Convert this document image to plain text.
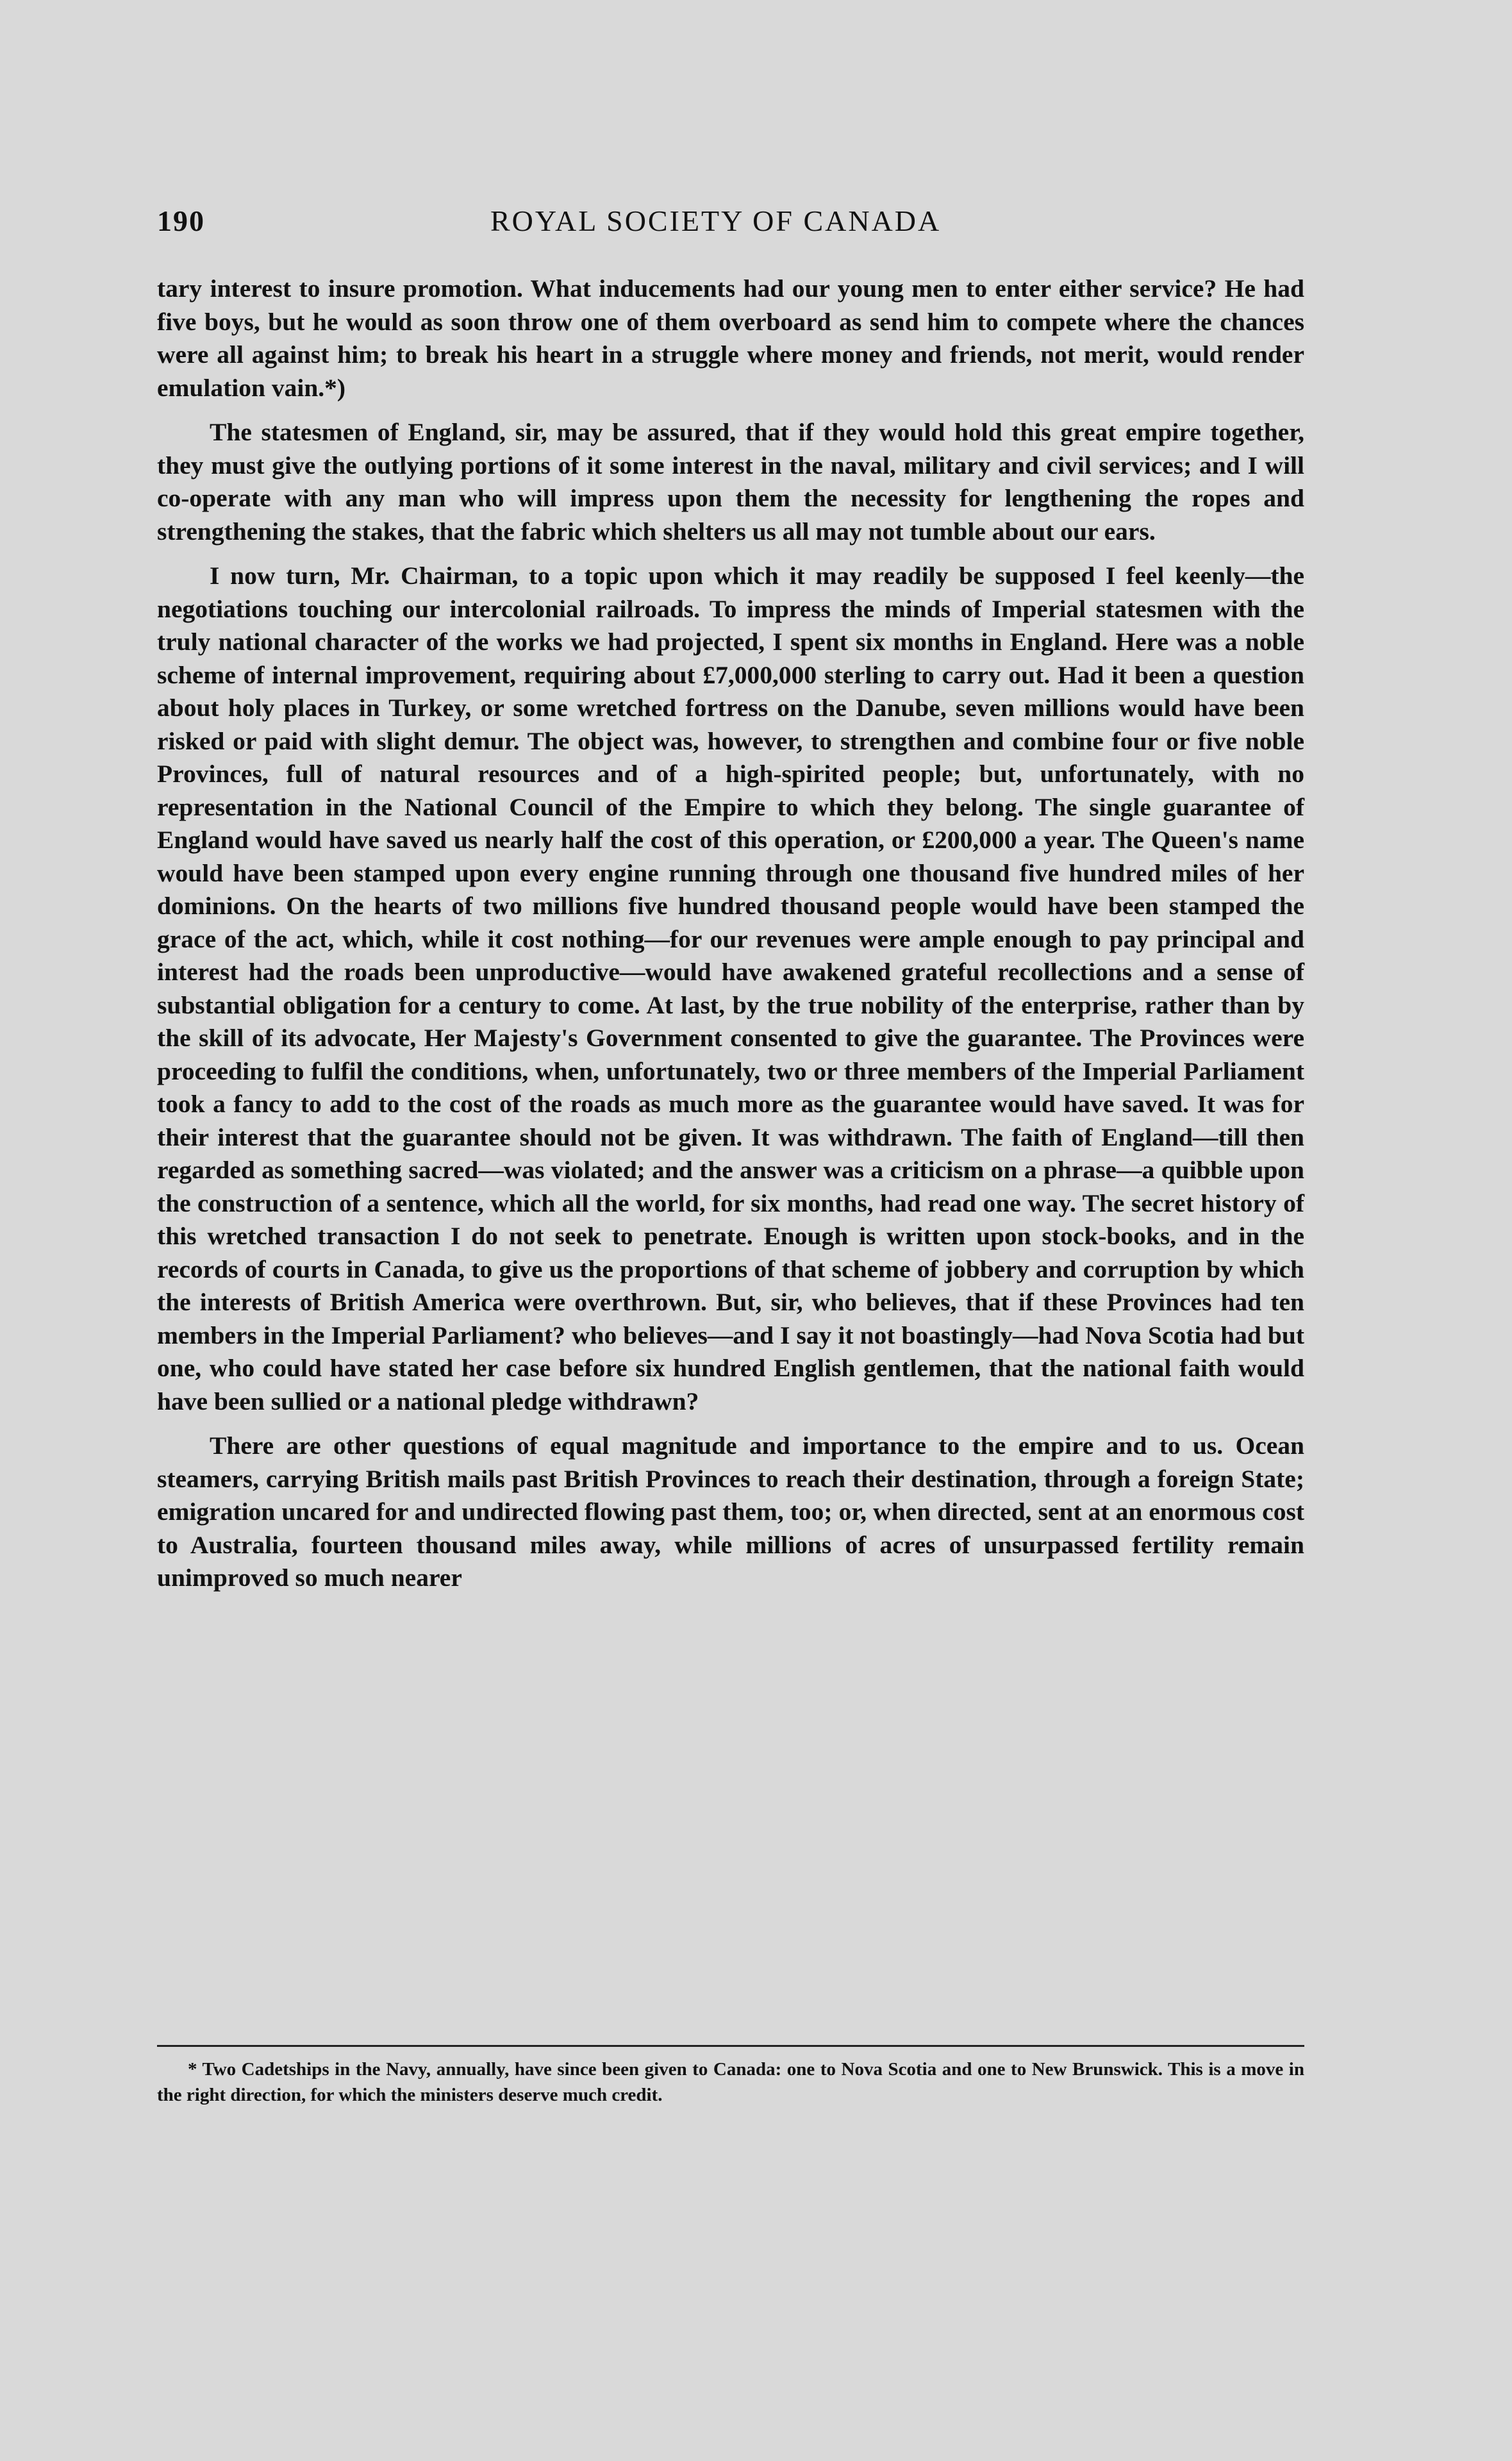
190	ROYAL SOCIETY OF CANADA

tary interest to insure promotion. What inducements had our young men to enter either service? He had five boys, but he would as soon throw one of them overboard as send him to compete where the chances were all against him; to break his heart in a struggle where money and friends, not merit, would render emulation vain.*)

The statesmen of England, sir, may be assured, that if they would hold this great empire together, they must give the outlying portions of it some interest in the naval, military and civil services; and I will co-operate with any man who will impress upon them the necessity for lengthening the ropes and strengthening the stakes, that the fabric which shelters us all may not tumble about our ears.

I now turn, Mr. Chairman, to a topic upon which it may readily be supposed I feel keenly—the negotiations touching our intercolonial railroads. To impress the minds of Imperial statesmen with the truly national character of the works we had projected, I spent six months in England. Here was a noble scheme of internal improvement, requiring about £7,000,000 sterling to carry out. Had it been a question about holy places in Turkey, or some wretched fortress on the Danube, seven millions would have been risked or paid with slight demur. The object was, however, to strengthen and combine four or five noble Provinces, full of natural resources and of a high-spirited people; but, unfortunately, with no representation in the National Council of the Empire to which they belong. The single guarantee of England would have saved us nearly half the cost of this operation, or £200,000 a year. The Queen's name would have been stamped upon every engine running through one thousand five hundred miles of her dominions. On the hearts of two millions five hundred thousand people would have been stamped the grace of the act, which, while it cost nothing—for our revenues were ample enough to pay principal and interest had the roads been unproductive—would have awakened grateful recollections and a sense of substantial obligation for a century to come. At last, by the true nobility of the enterprise, rather than by the skill of its advocate, Her Majesty's Government consented to give the guarantee. The Provinces were proceeding to fulfil the conditions, when, unfortunately, two or three members of the Imperial Parliament took a fancy to add to the cost of the roads as much more as the guarantee would have saved. It was for their interest that the guarantee should not be given. It was withdrawn. The faith of England—till then regarded as something sacred—was violated; and the answer was a criticism on a phrase—a quibble upon the construction of a sentence, which all the world, for six months, had read one way. The secret history of this wretched transaction I do not seek to penetrate. Enough is written upon stock-books, and in the records of courts in Canada, to give us the proportions of that scheme of jobbery and corruption by which the interests of British America were overthrown. But, sir, who believes, that if these Provinces had ten members in the Imperial Parliament? who believes—and I say it not boastingly—had Nova Scotia had but one, who could have stated her case before six hundred English gentlemen, that the national faith would have been sullied or a national pledge withdrawn?

There are other questions of equal magnitude and importance to the empire and to us. Ocean steamers, carrying British mails past British Provinces to reach their destination, through a foreign State; emigration uncared for and undirected flowing past them, too; or, when directed, sent at an enormous cost to Australia, fourteen thousand miles away, while millions of acres of unsurpassed fertility remain unimproved so much nearer

* Two Cadetships in the Navy, annually, have since been given to Canada: one to Nova Scotia and one to New Brunswick. This is a move in the right direction, for which the ministers deserve much credit.
